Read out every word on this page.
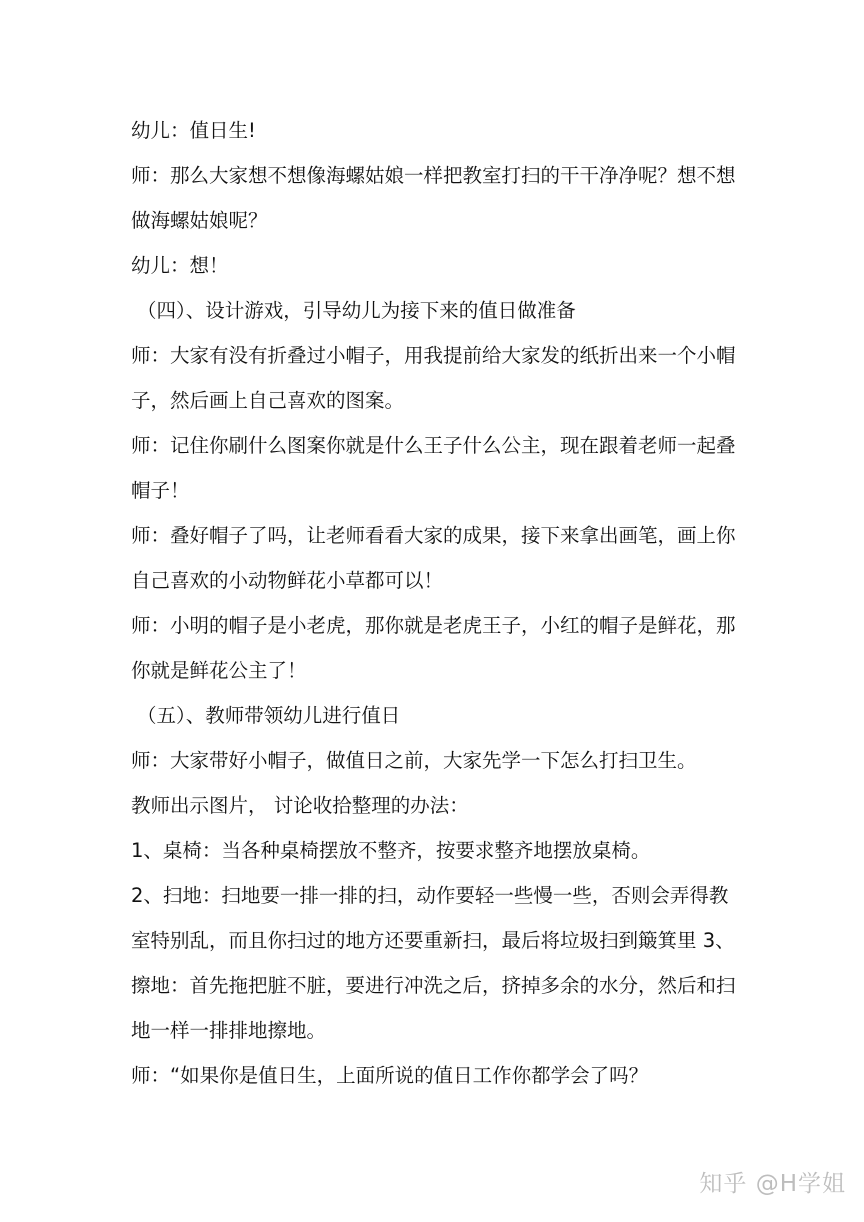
幼儿：值日生!

师：那么大家想不想像海螺姑娘一样把教室打扫的干干净净呢？想不想做海螺姑娘呢？

幼儿：想！

（四）、设计游戏，引导幼儿为接下来的值日做准备

师：大家有没有折叠过小帽子，用我提前给大家发的纸折出来一个小帽子，然后画上自己喜欢的图案。

师：记住你刷什么图案你就是什么王子什么公主，现在跟着老师一起叠帽子！

师：叠好帽子了吗，让老师看看大家的成果，接下来拿出画笔，画上你自己喜欢的小动物鲜花小草都可以！

师：小明的帽子是小老虎，那你就是老虎王子，小红的帽子是鲜花，那你就是鲜花公主了！

（五）、教师带领幼儿进行值日

师：大家带好小帽子，做值日之前，大家先学一下怎么打扫卫生。

教师出示图片， 讨论收拾整理的办法：

1、桌椅：当各种桌椅摆放不整齐，按要求整齐地摆放桌椅。

2、扫地：扫地要一排一排的扫，动作要轻一些慢一些，否则会弄得教室特别乱，而且你扫过的地方还要重新扫，最后将垃圾扫到簸箕里 3、擦地：首先拖把脏不脏，要进行冲洗之后，挤掉多余的水分，然后和扫地一样一排排地擦地。

师：“如果你是值日生，上面所说的值日工作你都学会了吗？

知乎 @H学姐
